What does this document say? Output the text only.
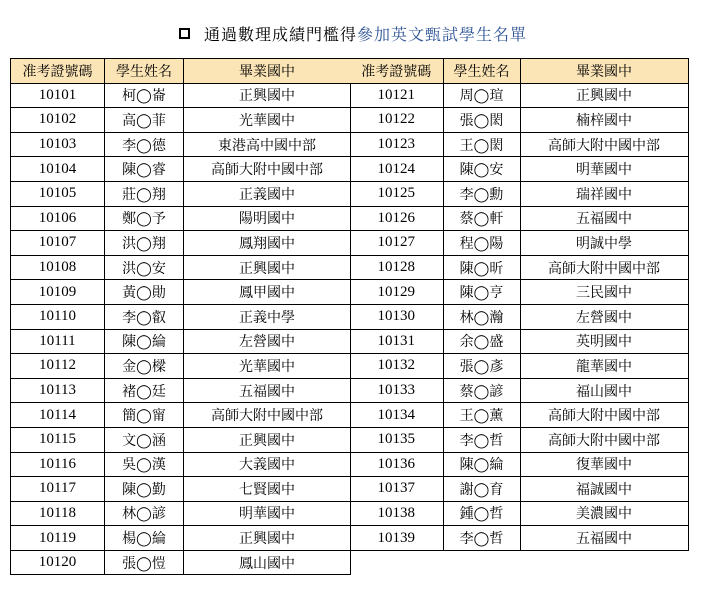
通過數理成績門檻得 參加英文甄試學生名單
准考證號碼	學生姓名	畢業國中
10101	柯◯崙	正興國中
10102	高◯菲	光華國中
10103	李◯德	東港高中國中部
10104	陳◯睿	高師大附中國中部
10105	莊◯翔	正義國中
10106	鄭◯予	陽明國中
10107	洪◯翔	鳳翔國中
10108	洪◯安	正興國中
10109	黃◯勛	鳳甲國中
10110	李◯叡	正義中學
10111	陳◯綸	左營國中
10112	金◯樑	光華國中
10113	褚◯廷	五福國中
10114	簡◯甯	高師大附中國中部
10115	文◯涵	正興國中
10116	吳◯漢	大義國中
10117	陳◯勤	七賢國中
10118	林◯諺	明華國中
10119	楊◯綸	正興國中
10120	張◯愷	鳳山國中
准考證號碼	學生姓名	畢業國中
10121	周◯瑄	正興國中
10122	張◯閎	楠梓國中
10123	王◯閎	高師大附中國中部
10124	陳◯安	明華國中
10125	李◯勳	瑞祥國中
10126	蔡◯軒	五福國中
10127	程◯陽	明誠中學
10128	陳◯昕	高師大附中國中部
10129	陳◯亨	三民國中
10130	林◯瀚	左營國中
10131	余◯盛	英明國中
10132	張◯彥	龍華國中
10133	蔡◯諺	福山國中
10134	王◯薰	高師大附中國中部
10135	李◯哲	高師大附中國中部
10136	陳◯綸	復華國中
10137	謝◯育	福誠國中
10138	鍾◯哲	美濃國中
10139	李◯哲	五福國中
